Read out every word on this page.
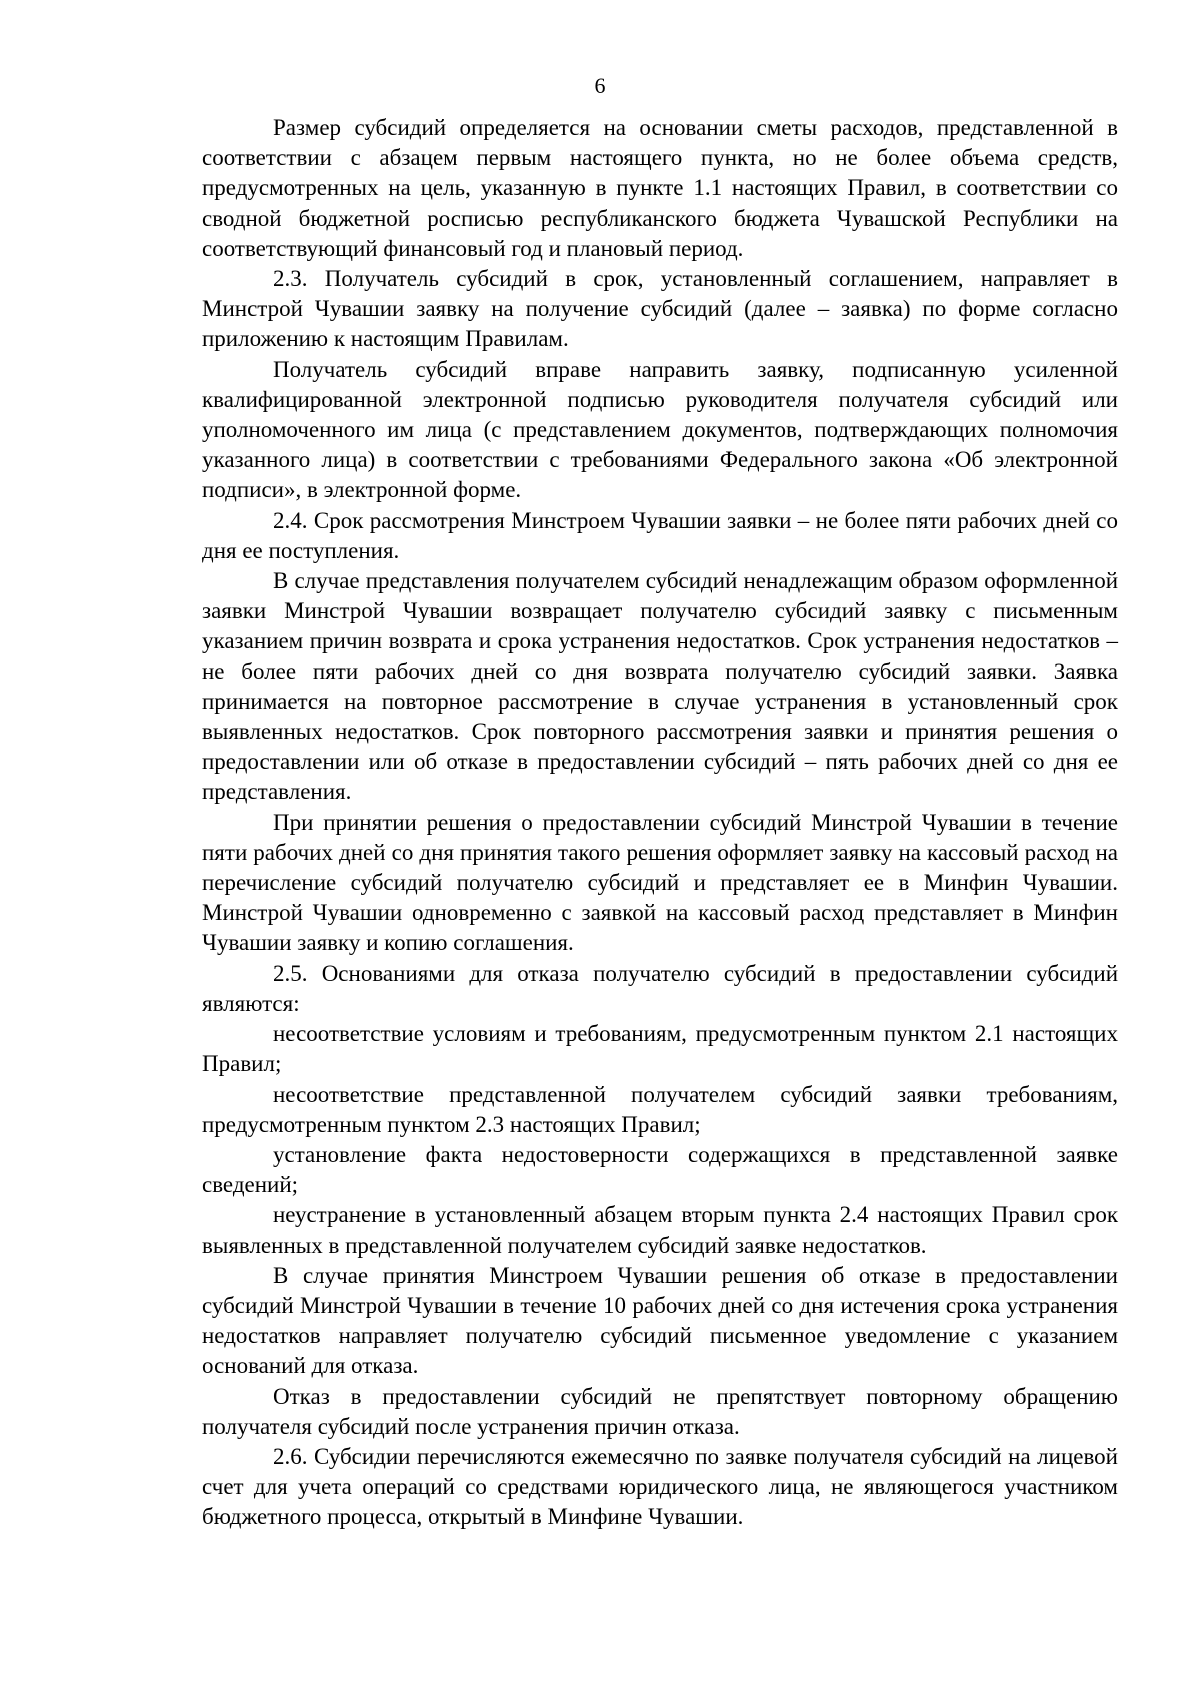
6

Размер субсидий определяется на основании сметы расходов, представленной в соответствии с абзацем первым настоящего пункта, но не более объема средств, предусмотренных на цель, указанную в пункте 1.1 настоящих Правил, в соответствии со сводной бюджетной росписью республиканского бюджета Чувашской Республики на соответствующий финансовый год и плановый период.

2.3. Получатель субсидий в срок, установленный соглашением, направляет в Минстрой Чувашии заявку на получение субсидий (далее – заявка) по форме согласно приложению к настоящим Правилам.

Получатель субсидий вправе направить заявку, подписанную усиленной квалифицированной электронной подписью руководителя получателя субсидий или уполномоченного им лица (с представлением документов, подтверждающих полномочия указанного лица) в соответствии с требованиями Федерального закона «Об электронной подписи», в электронной форме.

2.4. Срок рассмотрения Минстроем Чувашии заявки – не более пяти рабочих дней со дня ее поступления.

В случае представления получателем субсидий ненадлежащим образом оформленной заявки Минстрой Чувашии возвращает получателю субсидий заявку с письменным указанием причин возврата и срока устранения недостатков. Срок устранения недостатков – не более пяти рабочих дней со дня возврата получателю субсидий заявки. Заявка принимается на повторное рассмотрение в случае устранения в установленный срок выявленных недостатков. Срок повторного рассмотрения заявки и принятия решения о предоставлении или об отказе в предоставлении субсидий – пять рабочих дней со дня ее представления.

При принятии решения о предоставлении субсидий Минстрой Чувашии в течение пяти рабочих дней со дня принятия такого решения оформляет заявку на кассовый расход на перечисление субсидий получателю субсидий и представляет ее в Минфин Чувашии. Минстрой Чувашии одновременно с заявкой на кассовый расход представляет в Минфин Чувашии заявку и копию соглашения.

2.5. Основаниями для отказа получателю субсидий в предоставлении субсидий являются:

несоответствие условиям и требованиям, предусмотренным пунктом 2.1 настоящих Правил;

несоответствие представленной получателем субсидий заявки требованиям, предусмотренным пунктом 2.3 настоящих Правил;

установление факта недостоверности содержащихся в представленной заявке сведений;

неустранение в установленный абзацем вторым пункта 2.4 настоящих Правил срок выявленных в представленной получателем субсидий заявке недостатков.

В случае принятия Минстроем Чувашии решения об отказе в предоставлении субсидий Минстрой Чувашии в течение 10 рабочих дней со дня истечения срока устранения недостатков направляет получателю субсидий письменное уведомление с указанием оснований для отказа.

Отказ в предоставлении субсидий не препятствует повторному обращению получателя субсидий после устранения причин отказа.

2.6. Субсидии перечисляются ежемесячно по заявке получателя субсидий на лицевой счет для учета операций со средствами юридического лица, не являющегося участником бюджетного процесса, открытый в Минфине Чувашии.
